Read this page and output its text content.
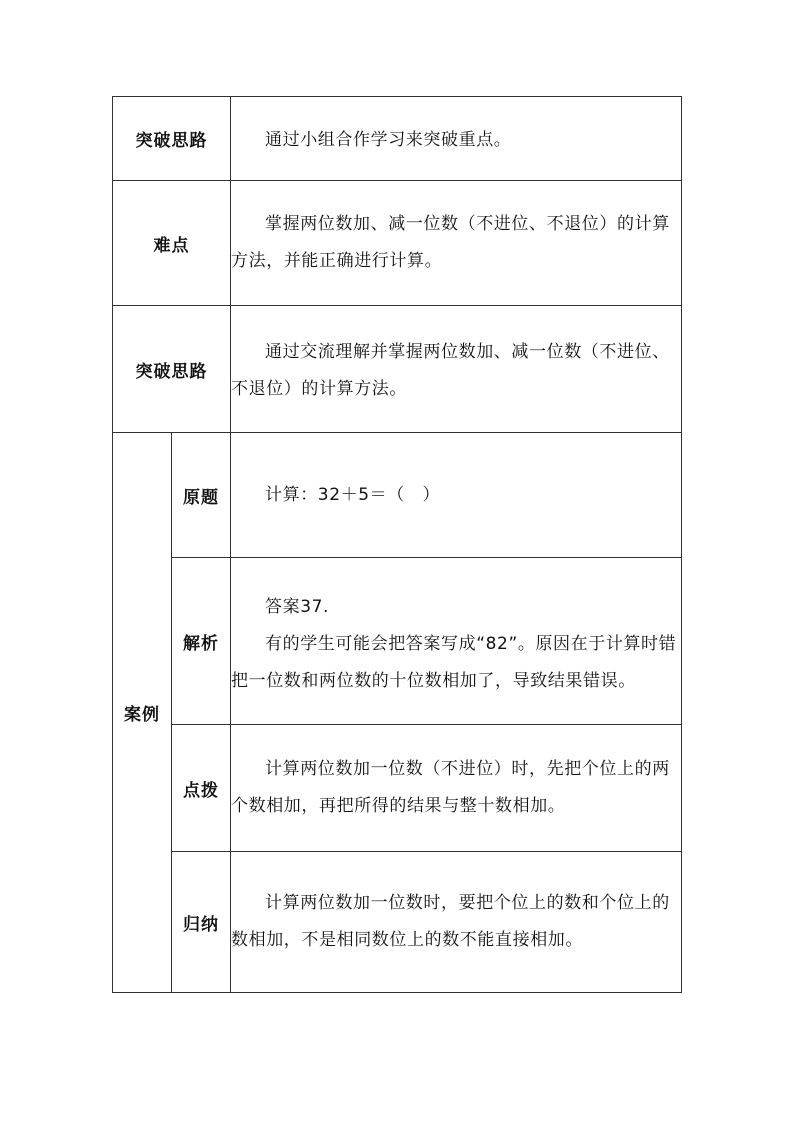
突破思路		通过小组合作学习来突破重点。

难点		掌握两位数加、减一位数（不进位、不退位）的计算方法，并能正确进行计算。

突破思路		通过交流理解并掌握两位数加、减一位数（不进位、不退位）的计算方法。

案例	原题	计算：32＋5＝（　）

	解析	答案37.

有的学生可能会把答案写成“82”。原因在于计算时错把一位数和两位数的十位数相加了，导致结果错误。

	点拨	计算两位数加一位数（不进位）时，先把个位上的两个数相加，再把所得的结果与整十数相加。

	归纳	计算两位数加一位数时，要把个位上的数和个位上的数相加，不是相同数位上的数不能直接相加。
